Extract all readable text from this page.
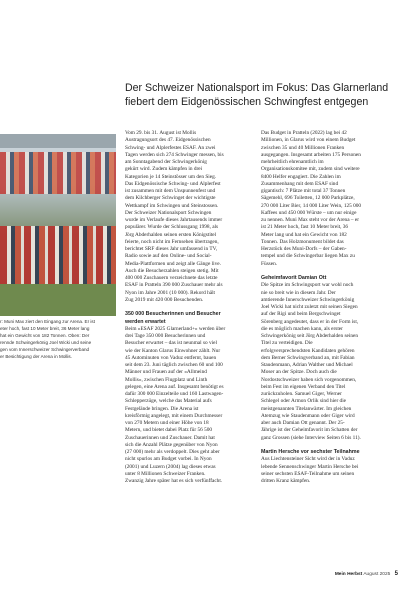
r: Muni Max ziert den Eingang zur Arena. Er ist
eter hoch, fast 10 Meter breit, 36 Meter lang
hat ein Gewicht von 182 Tonnen. Oben: Der
rennde Schwingerkönig Joel Wicki und seine
gen vom Innerschweizer Schwingerverband
er Besichtigung der Arena in Mollis.
Der Schweizer Nationalsport im Fokus: Das Glarnerland
fiebert dem Eidgenössischen Schwingfest entgegen
Vom 29. bis 31. August ist Mollis
Austragungsort des 47. Eidgenössischen
Schwing- und Älplerfestes ESAF. An zwei
Tagen werden sich 274 Schwinger messen, bis
am Sonntagabend der Schwingerkönig
gekürt wird. Zudem kämpfen in drei
Kategorien je 14 Steinstösser um den Sieg.
Das Eidgenössische Schwing- und Älplerfest
ist zusammen mit dem Unspunnenfest und
dem Kilchberger Schwinget der wichtigste
Wettkampf im Schwingen und Steinstossen.
Der Schweizer Nationalsport Schwingen
wurde im Verlaufe dieses Jahrtausends immer
populärer. Wurde der Schlussgang 1998, als
Jörg Abderhalden seinen ersten Königstitel
feierte, noch nicht im Fernsehen übertragen,
berichtet SRF dieses Jahr umfassend in TV,
Radio sowie auf den Online- und Social-
Media-Plattformen und zeigt alle Gänge live.
Auch die Besucherzahlen steigen stetig. Mit
400 000 Zuschauern verzeichnete das letzte
ESAF in Pratteln 390 000 Zuschauer mehr als
Nyon im Jahre 2001 (10 000). Rekord hält
Zug 2019 mit 420 000 Besuchenden.
350 000 Besucherinnen und Besucher
werden erwartet
Beim «ESAF 2025 Glarnerland+» werden über
drei Tage 350 000 Besucherinnen und
Besucher erwartet – das ist neunmal so viel
wie der Kanton Glarus Einwohner zählt. Nur
45 Autominuten von Vaduz entfernt, bauen
seit dem 23. Juni täglich zwischen 60 und 100
Männer und Frauen auf der «Allmeind
Mollis», zwischen Flugplatz und Linth
gelegen, eine Arena auf. Insgesamt benötigt es
dafür 300 000 Einzelteile und 160 Lastwagen-
Schlepperzüge, welche das Material aufs
Festgelände bringen. Die Arena ist
kreisförmig angelegt, mit einem Durchmesser
von 270 Metern und einer Höhe von 18
Metern, und bietet dabei Platz für 56 500
Zuschauerinnen und Zuschauer. Damit hat
sich die Anzahl Plätze gegenüber von Nyon
(27 000) mehr als verdoppelt. Dies geht aber
nicht spurlos am Budget vorbei. In Nyon
(2001) und Luzern (2004) lag dieses etwas
unter 8 Millionen Schweizer Franken.
Zwanzig Jahre später hat es sich verfünffacht.
Das Budget in Pratteln (2022) lag bei 42
Millionen, in Glarus wird von einem Budget
zwischen 35 und 40 Millionen Franken
ausgegangen. Insgesamt arbeiten 175 Personen
mehrheitlich ehrenamtlich im
Organisationskomitee mit, zudem sind weitere
8400 Helfer engagiert. Die Zahlen im
Zusammenhang mit dem ESAF sind
gigantisch: 7 Plätze mit total 37 Tonnen
Sägemehl, 696 Toiletten, 12 000 Parkplätze,
270 000 Liter Bier, 14 000 Liter Wein, 125 000
Kaffees und 450 000 Würste – um nur einige
zu nennen. Muni Max steht vor der Arena – er
ist 21 Meter hoch, fast 10 Meter breit, 36
Meter lang und hat ein Gewicht von 182
Tonnen. Das Holzmonument bildet das
Herzstück des Muni-Dorfs – der Gaben-
tempel und die Schwingerbar liegen Max zu
Füssen.
Geheimfavorit Damian Ott
Die Spitze im Schwingsport war wohl noch
nie so breit wie in diesem Jahr. Der
amtierende Innerschweizer Schwingerkönig
Joel Wicki hat nicht zuletzt mit seinen Siegen
auf der Rigi und beim Bergschwinget
Sörenberg angedeutet, dass er in der Form ist,
die es möglich machen kann, als erster
Schwingerkönig seit Jörg Abderhalden seinen
Titel zu verteidigen. Die
erfolgversprechendsten Kandidaten gehören
dem Berner Schwingverband an, mit Fabian
Staudenmann, Adrian Walther und Michael
Moser an der Spitze. Doch auch die
Nordostschweizer haben sich vorgenommen,
beim Fest im eigenen Verband den Titel
zurückzuholen. Samuel Giger, Werner
Schlegel oder Armon Orlik sind hier die
meistgenannten Titelanwärter. Im gleichen
Atemzug wie Staudenmann oder Giger wird
aber auch Damian Ott genannt. Der 25-
Jährige ist der Geheimfavorit im Schatten der
ganz Grossen (siehe Interview Seiten 6 bis 11).
Martin Hersche vor sechster Teilnahme
Aus Liechtensteiner Sicht wird der in Vaduz
lebende Sennenschwinger Martin Hersche bei
seiner sechsten ESAF-Teilnahme um seinen
dritten Kranz kämpfen.
Mein Herbst August 2025 5
